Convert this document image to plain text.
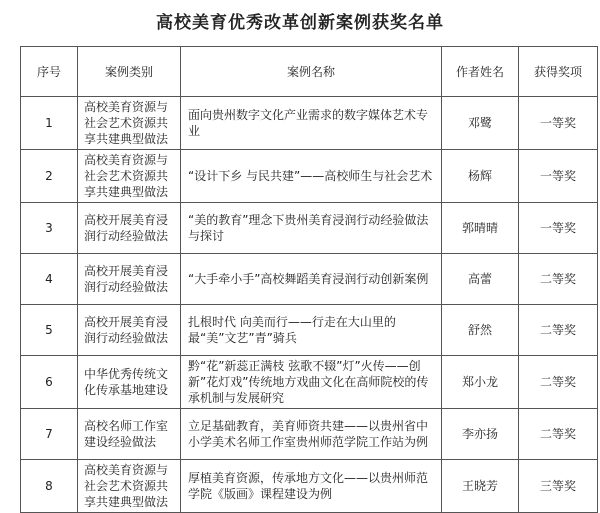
高校美育优秀改革创新案例获奖名单
序号	案例类别	案例名称	作者姓名	获得奖项
1	高校美育资源与社会艺术资源共享共建典型做法	面向贵州数字文化产业需求的数字媒体艺术专业	邓鹭	一等奖
2	高校美育资源与社会艺术资源共享共建典型做法	“设计下乡 与民共建”——高校师生与社会艺术	杨辉	一等奖
3	高校开展美育浸润行动经验做法	“美的教育”理念下贵州美育浸润行动经验做法与探讨	郭晴晴	一等奖
4	高校开展美育浸润行动经验做法	“大手牵小手”高校舞蹈美育浸润行动创新案例	高蕾	二等奖
5	高校开展美育浸润行动经验做法	扎根时代 向美而行——行走在大山里的最“美”文艺”青”骑兵	舒然	二等奖
6	中华优秀传统文化传承基地建设	黔“花”新蕊正满枝 弦歌不辍”灯”火传——创新”花灯戏”传统地方戏曲文化在高师院校的传承机制与发展研究	郑小龙	二等奖
7	高校名师工作室建设经验做法	立足基础教育，美育师资共建——以贵州省中小学美术名师工作室贵州师范学院工作站为例	李亦扬	二等奖
8	高校美育资源与社会艺术资源共享共建典型做法	厚植美育资源，传承地方文化——以贵州师范学院《版画》课程建设为例	王晓芳	三等奖
